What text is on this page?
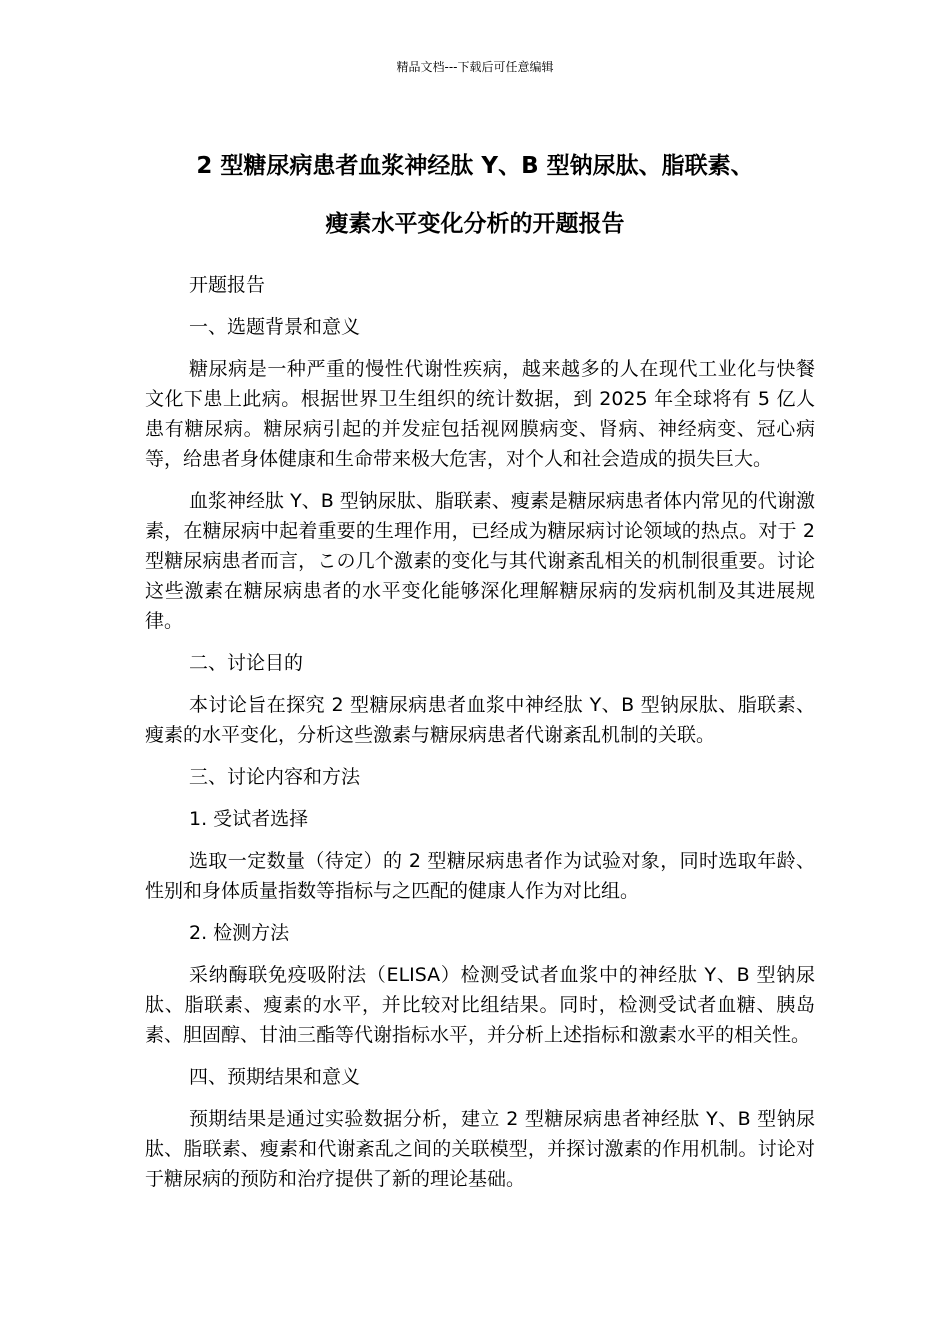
精品文档---下载后可任意编辑
2 型糖尿病患者血浆神经肽 Y、B 型钠尿肽、脂联素、
瘦素水平变化分析的开题报告

开题报告

一、选题背景和意义

糖尿病是一种严重的慢性代谢性疾病，越来越多的人在现代工业化与快餐文化下患上此病。根据世界卫生组织的统计数据，到 2025 年全球将有 5 亿人患有糖尿病。糖尿病引起的并发症包括视网膜病变、肾病、神经病变、冠心病等，给患者身体健康和生命带来极大危害，对个人和社会造成的损失巨大。

血浆神经肽 Y、B 型钠尿肽、脂联素、瘦素是糖尿病患者体内常见的代谢激素，在糖尿病中起着重要的生理作用，已经成为糖尿病讨论领域的热点。对于 2 型糖尿病患者而言，この几个激素的变化与其代谢紊乱相关的机制很重要。讨论这些激素在糖尿病患者的水平变化能够深化理解糖尿病的发病机制及其进展规律。

二、讨论目的

本讨论旨在探究 2 型糖尿病患者血浆中神经肽 Y、B 型钠尿肽、脂联素、瘦素的水平变化，分析这些激素与糖尿病患者代谢紊乱机制的关联。

三、讨论内容和方法

1. 受试者选择

选取一定数量（待定）的 2 型糖尿病患者作为试验对象，同时选取年龄、性别和身体质量指数等指标与之匹配的健康人作为对比组。

2. 检测方法

采纳酶联免疫吸附法（ELISA）检测受试者血浆中的神经肽 Y、B 型钠尿肽、脂联素、瘦素的水平，并比较对比组结果。同时，检测受试者血糖、胰岛素、胆固醇、甘油三酯等代谢指标水平，并分析上述指标和激素水平的相关性。

四、预期结果和意义

预期结果是通过实验数据分析，建立 2 型糖尿病患者神经肽 Y、B 型钠尿肽、脂联素、瘦素和代谢紊乱之间的关联模型，并探讨激素的作用机制。讨论对于糖尿病的预防和治疗提供了新的理论基础。
